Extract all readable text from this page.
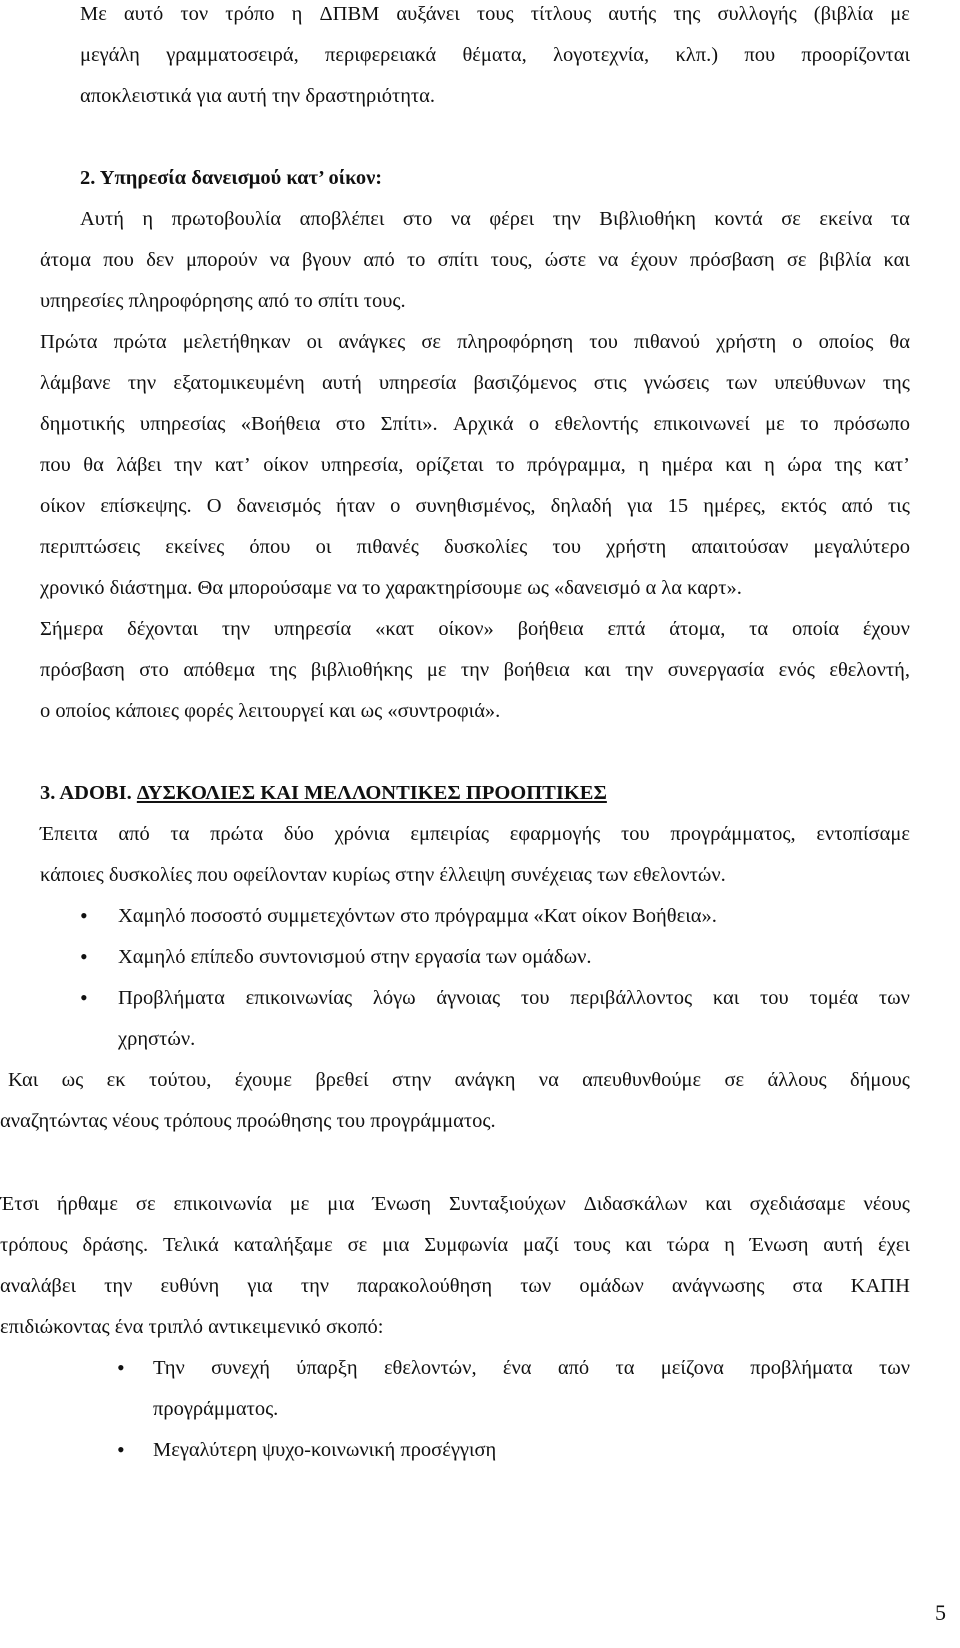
Με αυτό τον τρόπο η ΔΠΒΜ αυξάνει τους τίτλους αυτής της συλλογής (βιβλία με
μεγάλη γραμματοσειρά, περιφερειακά θέματα, λογοτεχνία, κλπ.) που προορίζονται
αποκλειστικά για αυτή την δραστηριότητα.
2. Υπηρεσία δανεισμού κατ’ οίκον:
Αυτή η πρωτοβουλία αποβλέπει στο να φέρει την Βιβλιοθήκη κοντά σε εκείνα τα
άτομα που δεν μπορούν να βγουν από το σπίτι τους, ώστε να έχουν πρόσβαση σε βιβλία και
υπηρεσίες πληροφόρησης από το σπίτι τους.
Πρώτα πρώτα μελετήθηκαν οι ανάγκες σε πληροφόρηση του πιθανού χρήστη ο οποίος θα
λάμβανε την εξατομικευμένη αυτή υπηρεσία βασιζόμενος στις γνώσεις των υπεύθυνων της
δημοτικής υπηρεσίας «Βοήθεια στο Σπίτι». Αρχικά ο εθελοντής επικοινωνεί με το πρόσωπο
που θα λάβει την κατ’ οίκον υπηρεσία, ορίζεται το πρόγραμμα, η ημέρα και η ώρα της κατ’
οίκον επίσκεψης. Ο δανεισμός ήταν ο συνηθισμένος, δηλαδή για 15 ημέρες, εκτός από τις
περιπτώσεις εκείνες όπου οι πιθανές δυσκολίες του χρήστη απαιτούσαν μεγαλύτερο
χρονικό διάστημα. Θα μπορούσαμε να το χαρακτηρίσουμε ως «δανεισμό α λα καρτ».
Σήμερα δέχονται την υπηρεσία «κατ οίκον» βοήθεια επτά άτομα, τα οποία έχουν
πρόσβαση στο απόθεμα της βιβλιοθήκης με την βοήθεια και την συνεργασία ενός εθελοντή,
ο οποίος κάποιες φορές λειτουργεί και ως «συντροφιά».
3. ADOBI. ΔΥΣΚΟΛΙΕΣ ΚΑΙ ΜΕΛΛΟΝΤΙΚΕΣ ΠΡΟΟΠΤΙΚΕΣ
Έπειτα από τα πρώτα δύο χρόνια εμπειρίας εφαρμογής του προγράμματος, εντοπίσαμε
κάποιες δυσκολίες που οφείλονταν κυρίως στην έλλειψη συνέχειας των εθελοντών.
• Χαμηλό ποσοστό συμμετεχόντων στο πρόγραμμα «Κατ οίκον Βοήθεια».
• Χαμηλό επίπεδο συντονισμού στην εργασία των ομάδων.
• Προβλήματα επικοινωνίας λόγω άγνοιας του περιβάλλοντος και του τομέα των
χρηστών.
Και ως εκ τούτου, έχουμε βρεθεί στην ανάγκη να απευθυνθούμε σε άλλους δήμους
αναζητώντας νέους τρόπους προώθησης του προγράμματος.
Έτσι ήρθαμε σε επικοινωνία με μια Ένωση Συνταξιούχων Διδασκάλων και σχεδιάσαμε νέους
τρόπους δράσης. Τελικά καταλήξαμε σε μια Συμφωνία μαζί τους και τώρα η Ένωση αυτή έχει
αναλάβει την ευθύνη για την παρακολούθηση των ομάδων ανάγνωσης στα ΚΑΠΗ
επιδιώκοντας ένα τριπλό αντικειμενικό σκοπό:
• Την συνεχή ύπαρξη εθελοντών, ένα από τα μείζονα προβλήματα των
προγράμματος.
• Μεγαλύτερη ψυχο-κοινωνική προσέγγιση
5
